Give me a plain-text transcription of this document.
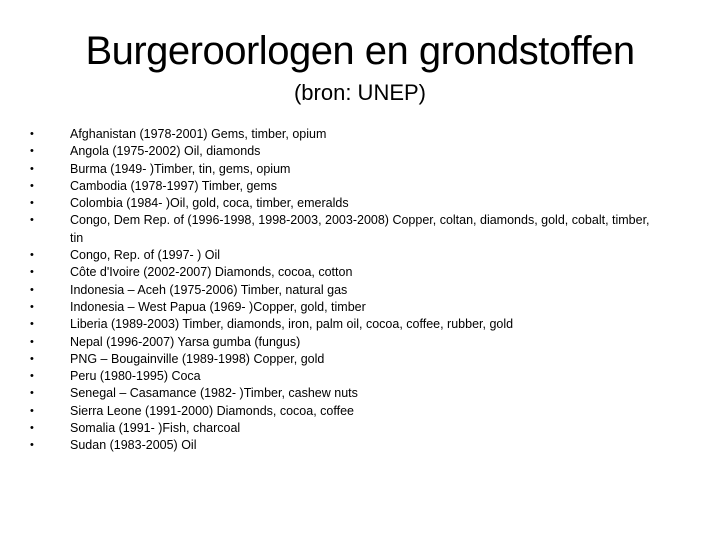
Burgeroorlogen en grondstoffen
(bron: UNEP)
•	Afghanistan (1978-2001) Gems, timber, opium
•	Angola (1975-2002) Oil, diamonds
•	Burma (1949- )Timber, tin, gems, opium
•	Cambodia (1978-1997) Timber, gems
•	Colombia (1984- )Oil, gold, coca, timber, emeralds
•	Congo, Dem Rep. of (1996-1998, 1998-2003, 2003-2008) Copper, coltan, diamonds, gold, cobalt, timber, tin
•	Congo, Rep. of (1997- ) Oil
•	Côte d'Ivoire (2002-2007) Diamonds, cocoa, cotton
•	Indonesia – Aceh (1975-2006) Timber, natural gas
•	Indonesia – West Papua (1969- )Copper, gold, timber
•	Liberia (1989-2003) Timber, diamonds, iron, palm oil, cocoa, coffee, rubber, gold
•	Nepal (1996-2007) Yarsa gumba (fungus)
•	PNG – Bougainville (1989-1998) Copper, gold
•	Peru (1980-1995) Coca
•	Senegal – Casamance (1982- )Timber, cashew nuts
•	Sierra Leone (1991-2000) Diamonds, cocoa, coffee
•	Somalia (1991- )Fish, charcoal
•	Sudan (1983-2005) Oil
